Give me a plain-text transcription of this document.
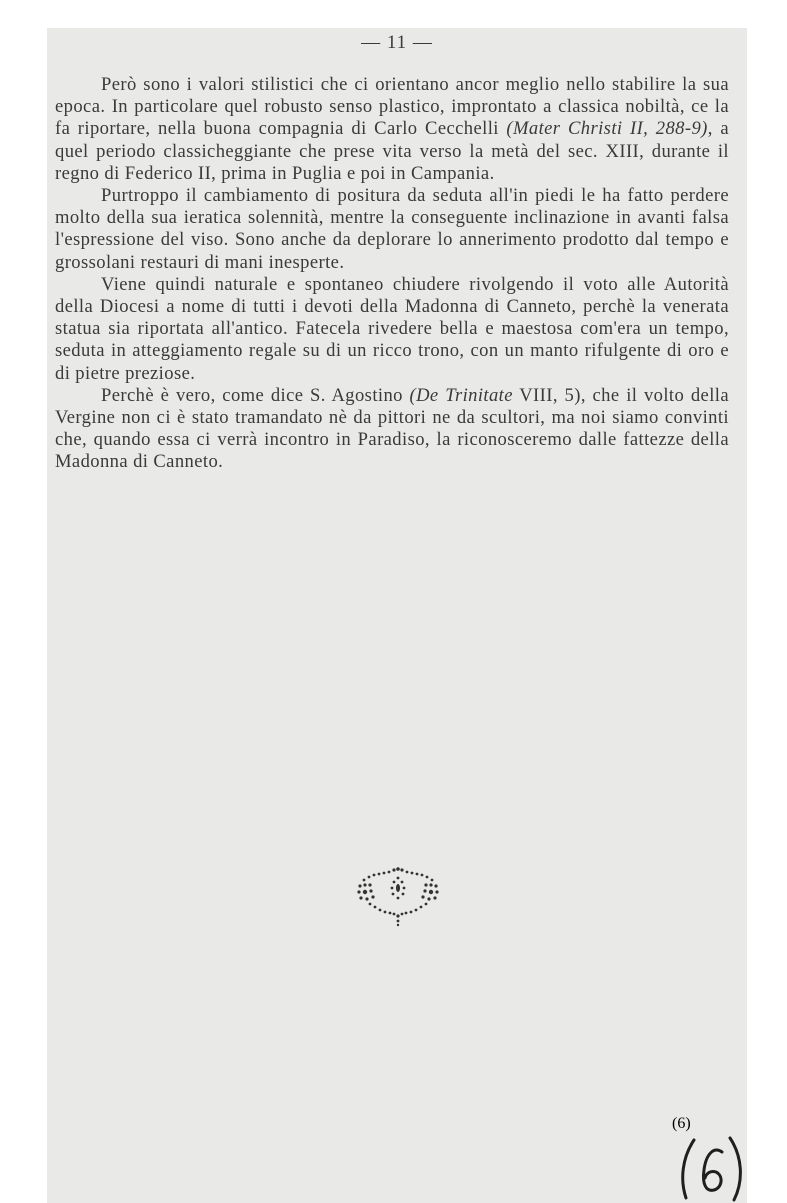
— 11 —

Però sono i valori stilistici che ci orientano ancor meglio nello stabilire la sua epoca. In particolare quel robusto senso plastico, improntato a classica nobiltà, ce la fa riportare, nella buona compagnia di Carlo Cecchelli (Mater Christi II, 288-9), a quel periodo classicheggiante che prese vita verso la metà del sec. XIII, durante il regno di Federico II, prima in Puglia e poi in Campania.

Purtroppo il cambiamento di positura da seduta all'in piedi le ha fatto perdere molto della sua ieratica solennità, mentre la conseguente inclinazione in avanti falsa l'espressione del viso. Sono anche da deplorare lo annerimento prodotto dal tempo e grossolani restauri di mani inesperte.

Viene quindi naturale e spontaneo chiudere rivolgendo il voto alle Autorità della Diocesi a nome di tutti i devoti della Madonna di Canneto, perchè la venerata statua sia riportata all'antico. Fatecela rivedere bella e maestosa com'era un tempo, seduta in atteggiamento regale su di un ricco trono, con un manto rifulgente di oro e di pietre preziose.

Perchè è vero, come dice S. Agostino (De Trinitate VIII, 5), che il volto della Vergine non ci è stato tramandato nè da pittori ne da scultori, ma noi siamo convinti che, quando essa ci verrà incontro in Paradiso, la riconosceremo dalle fattezze della Madonna di Canneto.

(6)
